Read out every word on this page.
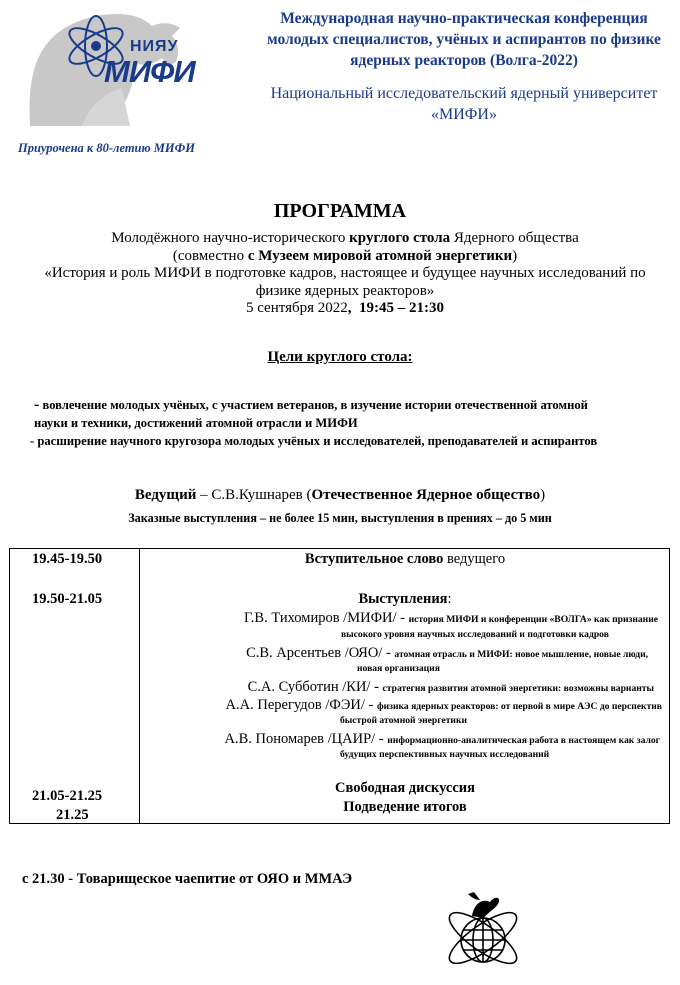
НИЯУ
МИФИ
Международная научно-практическая конференция молодых специалистов, учёных и аспирантов по физике ядерных реакторов (Волга-2022)
Национальный исследовательский ядерный университет «МИФИ»
Приурочена к 80-летию МИФИ
ПРОГРАММА
Молодёжного научно-исторического круглого стола Ядерного общества
(совместно с Музеем мировой атомной энергетики)
«История и роль МИФИ в подготовке кадров, настоящее и будущее научных исследований по физике ядерных реакторов»
5 сентября 2022,  19:45 – 21:30
Цели круглого стола:
- вовлечение молодых учёных, с участием ветеранов, в изучение истории отечественной атомной
науки и техники, достижений атомной отрасли и МИФИ
- расширение научного кругозора молодых учёных и исследователей, преподавателей и аспирантов
Ведущий – С.В.Кушнарев (Отечественное Ядерное общество)
Заказные выступления – не более 15 мин, выступления в прениях – до 5 мин
19.45-19.50	Вступительное слово ведущего
19.50-21.05	Выступления:
Г.В. Тихомиров /МИФИ/ - история МИФИ и конференции «ВОЛГА» как признание
высокого уровня научных исследований и подготовки кадров
С.В. Арсентьев /ОЯО/ - атомная отрасль и МИФИ: новое мышление, новые люди,
новая организация
С.А. Субботин /КИ/ - стратегия развития атомной энергетики: возможны варианты
А.А. Перегудов /ФЭИ/ - физика ядерных реакторов: от первой в мире АЭС до перспектив
быстрой атомной энергетики
А.В. Пономарев /ЦАИР/ - информационно-аналитическая работа в настоящем как залог
будущих перспективных научных исследований
21.05-21.25	Свободная дискуссия
21.25	Подведение итогов
с 21.30 - Товарищеское чаепитие от ОЯО и ММАЭ
